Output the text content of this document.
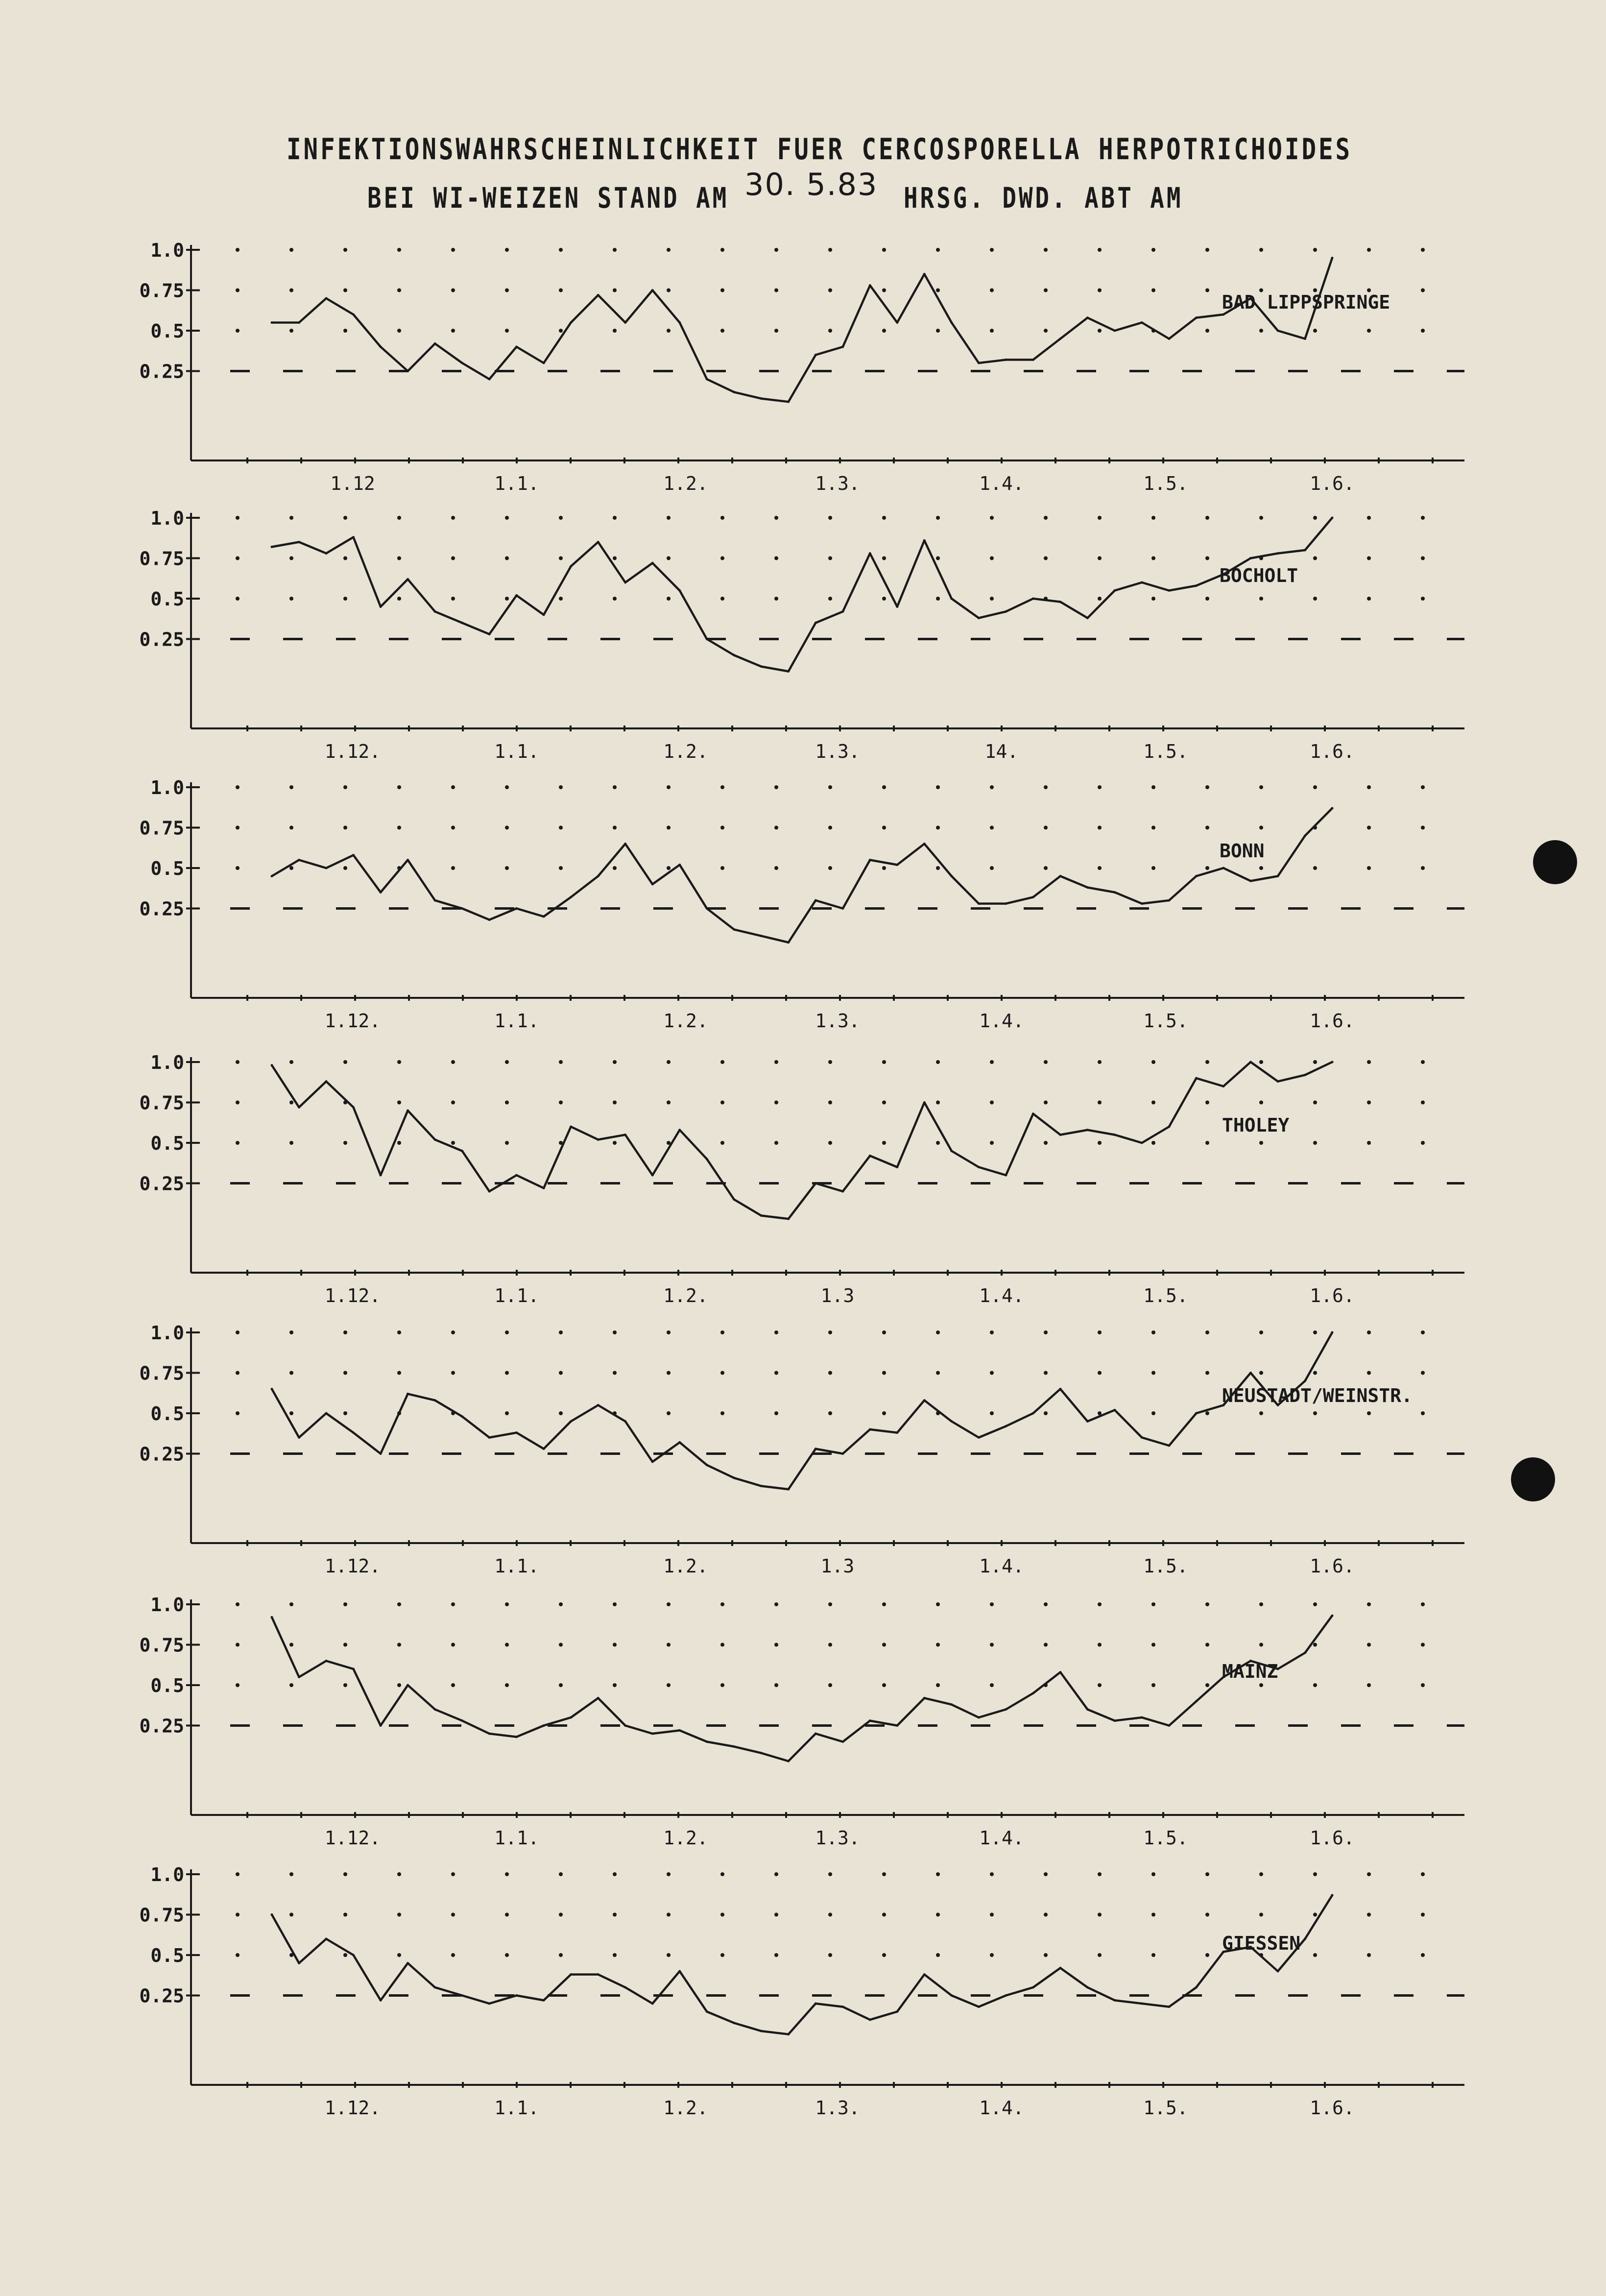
INFEKTIONSWAHRSCHEINLICHKEIT FUER CERCOSPORELLA HERPOTRICHOIDES
BEI WI-WEIZEN STAND AM 30. 5.83 HRSG. DWD. ABT AM
1.0
0.75
0.5
0.25
1.12	1.1.	1.2.	1.3.	1.4.	1.5.	1.6.
BAD LIPPSPRINGE
1.0
0.75
0.5
0.25
1.12.	1.1.	1.2.	1.3.	14.	1.5.	1.6.
BOCHOLT
1.0
0.75
0.5
0.25
1.12.	1.1.	1.2.	1.3.	1.4.	1.5.	1.6.
BONN
1.0
0.75
0.5
0.25
1.12.	1.1.	1.2.	1.3	1.4.	1.5.	1.6.
THOLEY
1.0
0.75
0.5
0.25
1.12.	1.1.	1.2.	1.3	1.4.	1.5.	1.6.
NEUSTADT/WEINSTR.
1.0
0.75
0.5
0.25
1.12.	1.1.	1.2.	1.3.	1.4.	1.5.	1.6.
MAINZ
1.0
0.75
0.5
0.25
1.12.	1.1.	1.2.	1.3.	1.4.	1.5.	1.6.
GIESSEN
